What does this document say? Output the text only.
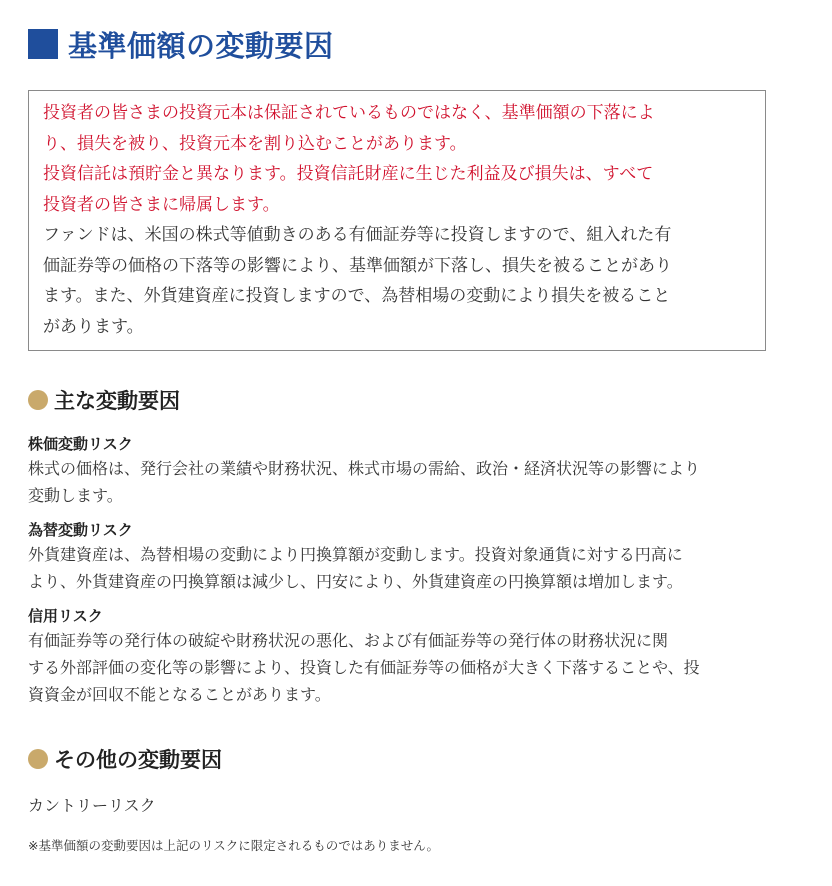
基準価額の変動要因
投資者の皆さまの投資元本は保証されているものではなく、基準価額の下落によ
り、損失を被り、投資元本を割り込むことがあります。
投資信託は預貯金と異なります。投資信託財産に生じた利益及び損失は、すべて
投資者の皆さまに帰属します。
ファンドは、米国の株式等値動きのある有価証券等に投資しますので、組入れた有
価証券等の価格の下落等の影響により、基準価額が下落し、損失を被ることがあり
ます。また、外貨建資産に投資しますので、為替相場の変動により損失を被ること
があります。
主な変動要因
株価変動リスク
株式の価格は、発行会社の業績や財務状況、株式市場の需給、政治・経済状況等の影響により
変動します。
為替変動リスク
外貨建資産は、為替相場の変動により円換算額が変動します。投資対象通貨に対する円高に
より、外貨建資産の円換算額は減少し、円安により、外貨建資産の円換算額は増加します。
信用リスク
有価証券等の発行体の破綻や財務状況の悪化、および有価証券等の発行体の財務状況に関
する外部評価の変化等の影響により、投資した有価証券等の価格が大きく下落することや、投
資資金が回収不能となることがあります。
その他の変動要因
カントリーリスク
※基準価額の変動要因は上記のリスクに限定されるものではありません。
